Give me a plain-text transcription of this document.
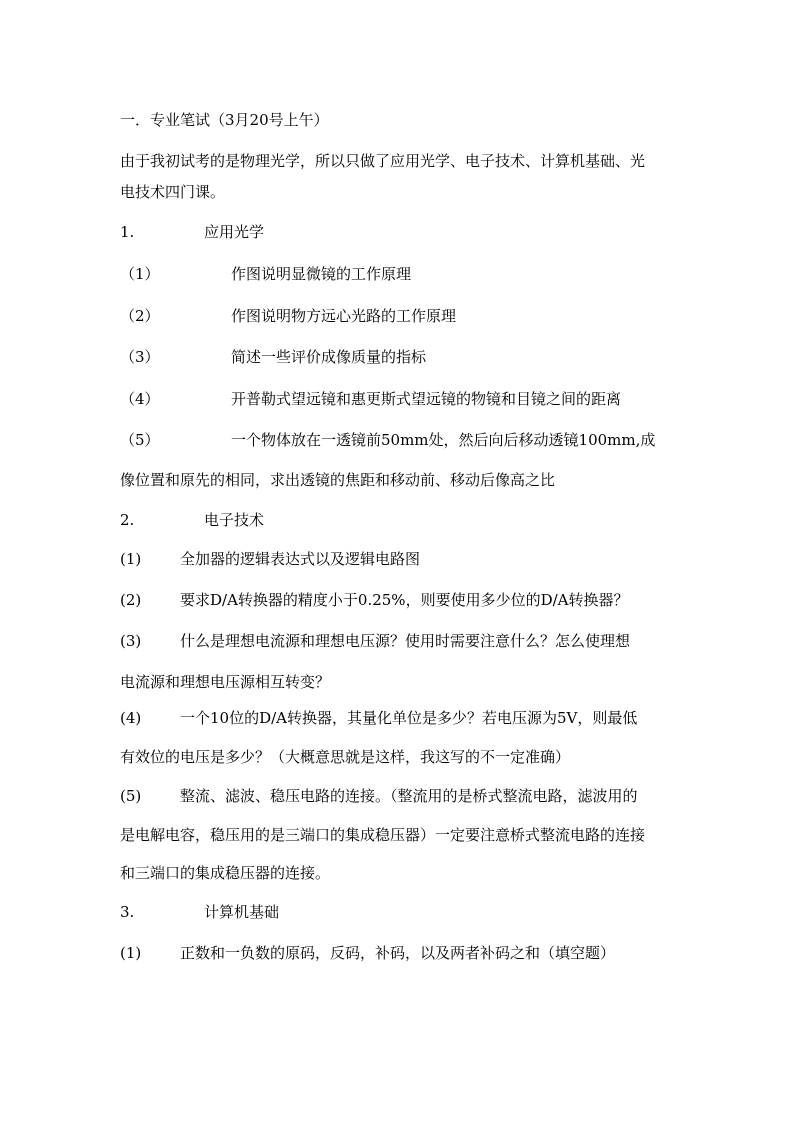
一．专业笔试（3月20号上午）
由于我初试考的是物理光学，所以只做了应用光学、电子技术、计算机基础、光
电技术四门课。
1.	应用光学
（1）	作图说明显微镜的工作原理
（2）	作图说明物方远心光路的工作原理
（3）	简述一些评价成像质量的指标
（4）	开普勒式望远镜和惠更斯式望远镜的物镜和目镜之间的距离
（5）	一个物体放在一透镜前50mm处，然后向后移动透镜100mm,成
像位置和原先的相同，求出透镜的焦距和移动前、移动后像高之比
2.	电子技术
(1)	全加器的逻辑表达式以及逻辑电路图
(2)	要求D/A转换器的精度小于0.25%，则要使用多少位的D/A转换器？
(3)	什么是理想电流源和理想电压源？使用时需要注意什么？怎么使理想
电流源和理想电压源相互转变？
(4)	一个10位的D/A转换器，其量化单位是多少？若电压源为5V，则最低
有效位的电压是多少？（大概意思就是这样，我这写的不一定准确）
(5)	整流、滤波、稳压电路的连接。（整流用的是桥式整流电路，滤波用的
是电解电容，稳压用的是三端口的集成稳压器）一定要注意桥式整流电路的连接
和三端口的集成稳压器的连接。
3.	计算机基础
(1)	正数和一负数的原码，反码，补码，以及两者补码之和（填空题）
